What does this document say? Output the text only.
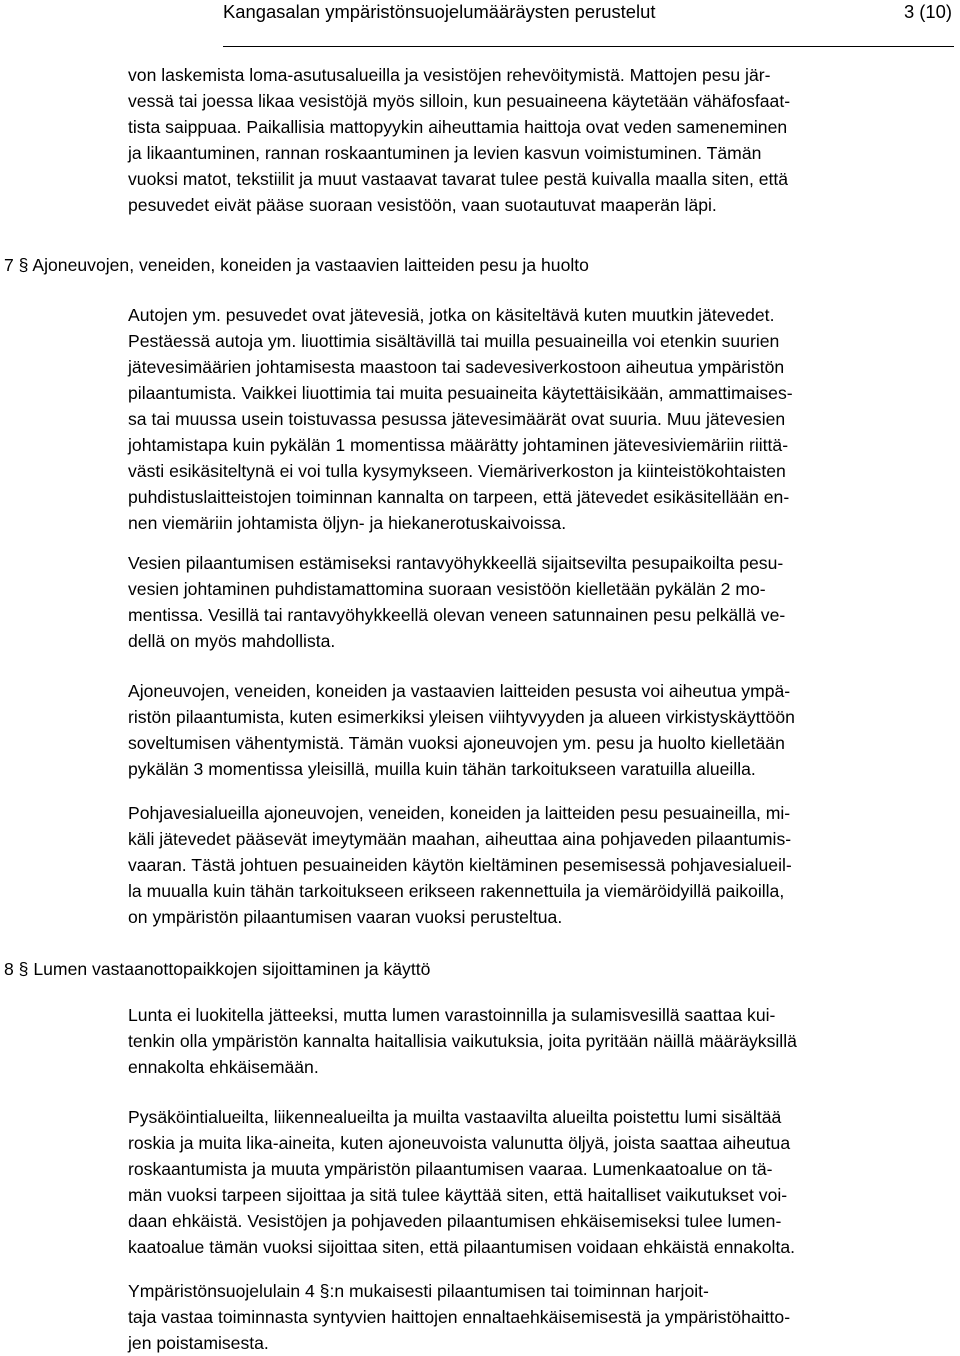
Kangasalan ympäristönsuojelumääräysten perustelut	3 (10)
von laskemista loma-asutusalueilla ja vesistöjen rehevöitymistä. Mattojen pesu jär-
vessä tai joessa likaa vesistöjä myös silloin, kun pesuaineena käytetään vähäfosfaat-
tista saippuaa. Paikallisia mattopyykin aiheuttamia haittoja ovat veden sameneminen
ja likaantuminen, rannan roskaantuminen ja levien kasvun voimistuminen. Tämän
vuoksi matot, tekstiilit ja muut vastaavat tavarat tulee pestä kuivalla maalla siten, että
pesuvedet eivät pääse suoraan vesistöön, vaan suotautuvat maaperän läpi.
7 § Ajoneuvojen, veneiden, koneiden ja vastaavien laitteiden pesu ja huolto
Autojen ym. pesuvedet ovat jätevesiä, jotka on käsiteltävä kuten muutkin jätevedet.
Pestäessä autoja ym. liuottimia sisältävillä tai muilla pesuaineilla voi etenkin suurien
jätevesimäärien johtamisesta maastoon tai sadevesiverkostoon aiheutua ympäristön
pilaantumista. Vaikkei liuottimia tai muita pesuaineita käytettäisikään, ammattimaises-
sa tai muussa usein toistuvassa pesussa jätevesimäärät ovat suuria. Muu jätevesien
johtamistapa kuin pykälän 1 momentissa määrätty johtaminen jätevesiviemäriin riittä-
västi esikäsiteltynä ei voi tulla kysymykseen. Viemäriverkoston ja kiinteistökohtaisten
puhdistuslaitteistojen toiminnan kannalta on tarpeen, että jätevedet esikäsitellään en-
nen viemäriin johtamista öljyn- ja hiekanerotuskaivoissa.
Vesien pilaantumisen estämiseksi rantavyöhykkeellä sijaitsevilta pesupaikoilta pesu-
vesien johtaminen puhdistamattomina suoraan vesistöön kielletään pykälän 2 mo-
mentissa. Vesillä tai rantavyöhykkeellä olevan veneen satunnainen pesu pelkällä ve-
dellä on myös mahdollista.
Ajoneuvojen, veneiden, koneiden ja vastaavien laitteiden pesusta voi aiheutua ympä-
ristön pilaantumista, kuten esimerkiksi yleisen viihtyvyyden ja alueen virkistyskäyttöön
soveltumisen vähentymistä. Tämän vuoksi ajoneuvojen ym. pesu ja huolto kielletään
pykälän 3 momentissa yleisillä, muilla kuin tähän tarkoitukseen varatuilla alueilla.
Pohjavesialueilla ajoneuvojen, veneiden, koneiden ja laitteiden pesu pesuaineilla, mi-
käli jätevedet pääsevät imeytymään maahan, aiheuttaa aina pohjaveden pilaantumis-
vaaran. Tästä johtuen pesuaineiden käytön kieltäminen pesemisessä pohjavesialueil-
la muualla kuin tähän tarkoitukseen erikseen rakennettuila ja viemäröidyillä paikoilla,
on ympäristön pilaantumisen vaaran vuoksi perusteltua.
8 § Lumen vastaanottopaikkojen sijoittaminen ja käyttö
Lunta ei luokitella jätteeksi, mutta lumen varastoinnilla ja sulamisvesillä saattaa kui-
tenkin olla ympäristön kannalta haitallisia vaikutuksia, joita pyritään näillä määräyksillä
ennakolta ehkäisemään.
Pysäköintialueilta, liikennealueilta ja muilta vastaavilta alueilta poistettu lumi sisältää
roskia ja muita lika-aineita, kuten ajoneuvoista valunutta öljyä, joista saattaa aiheutua
roskaantumista ja muuta ympäristön pilaantumisen vaaraa. Lumenkaatoalue on tä-
män vuoksi tarpeen sijoittaa ja sitä tulee käyttää siten, että haitalliset vaikutukset voi-
daan ehkäistä. Vesistöjen ja pohjaveden pilaantumisen ehkäisemiseksi tulee lumen-
kaatoalue tämän vuoksi sijoittaa siten, että pilaantumisen voidaan ehkäistä ennakolta.
Ympäristönsuojelulain 4 §:n mukaisesti pilaantumisen tai toiminnan harjoit-
taja vastaa toiminnasta syntyvien haittojen ennaltaehkäisemisestä ja ympäristöhaitto-
jen poistamisesta.
